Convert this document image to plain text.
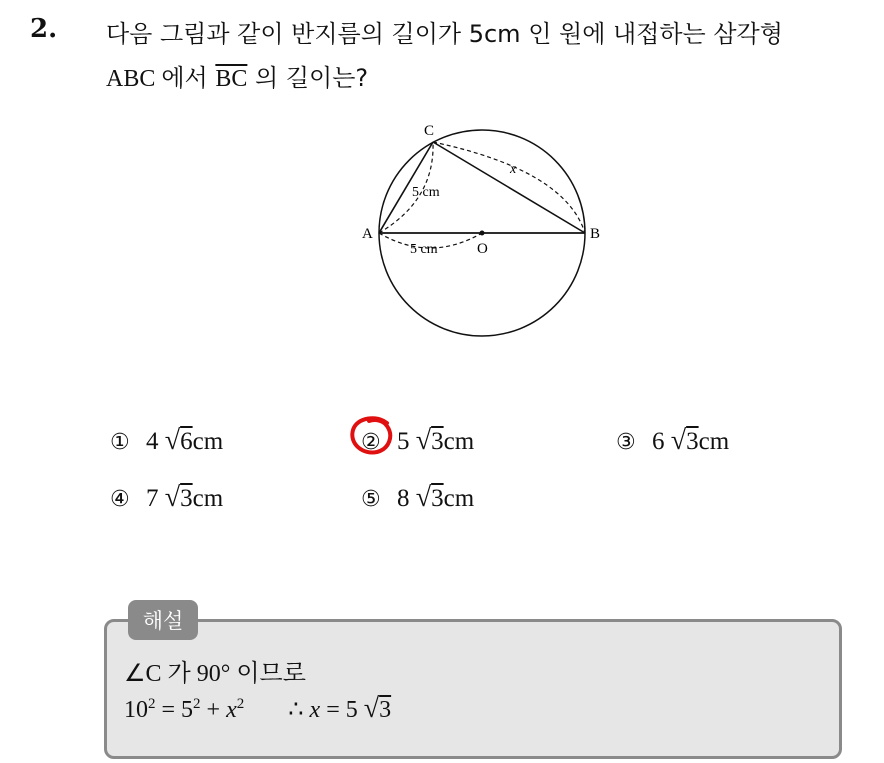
2. 다음 그림과 같이 반지름의 길이가 5cm 인 원에 내접하는 삼각형
ABC 에서 $\overline{BC}$ 의 길이는?
C
A	B
O
x
5 cm
5 cm
① 4 √6cm	② 5 √3cm	③ 6 √3cm
④ 7 √3cm	⑤ 8 √3cm
해설
∠C 가 90° 이므로
$10^2 = 5^2 + x^2$ ∴ x = 5 √3
